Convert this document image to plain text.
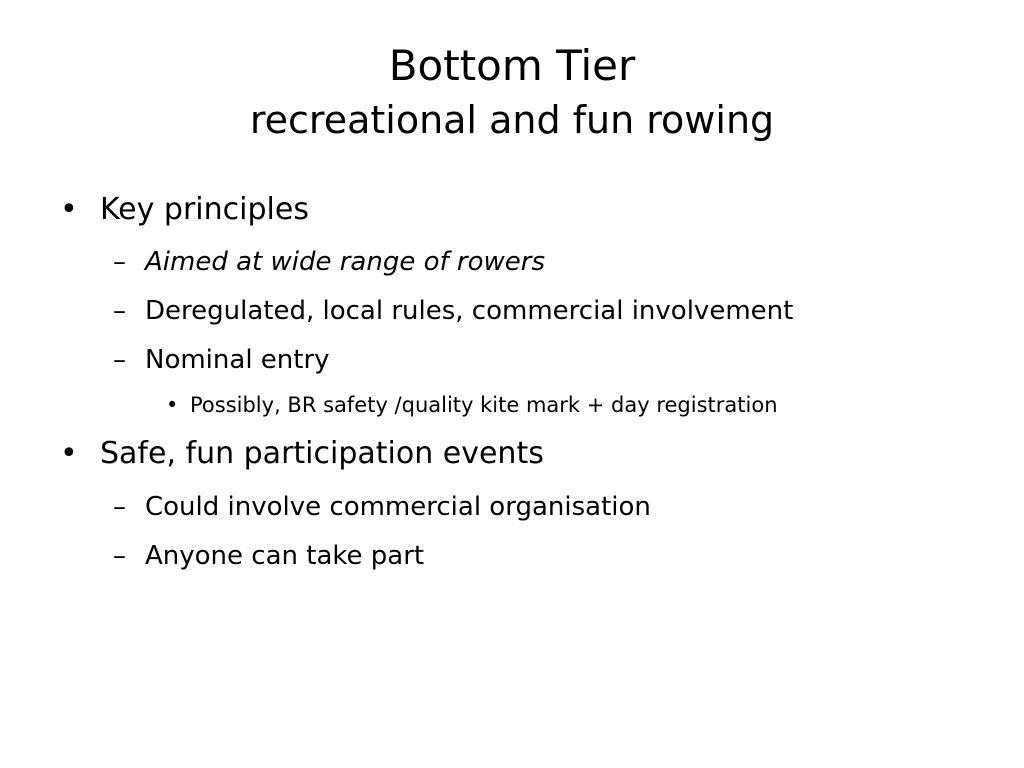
Bottom Tier
recreational and fun rowing
• Key principles
– Aimed at wide range of rowers
– Deregulated, local rules, commercial involvement
– Nominal entry
• Possibly, BR safety /quality kite mark + day registration
• Safe, fun participation events
– Could involve commercial organisation
– Anyone can take part
